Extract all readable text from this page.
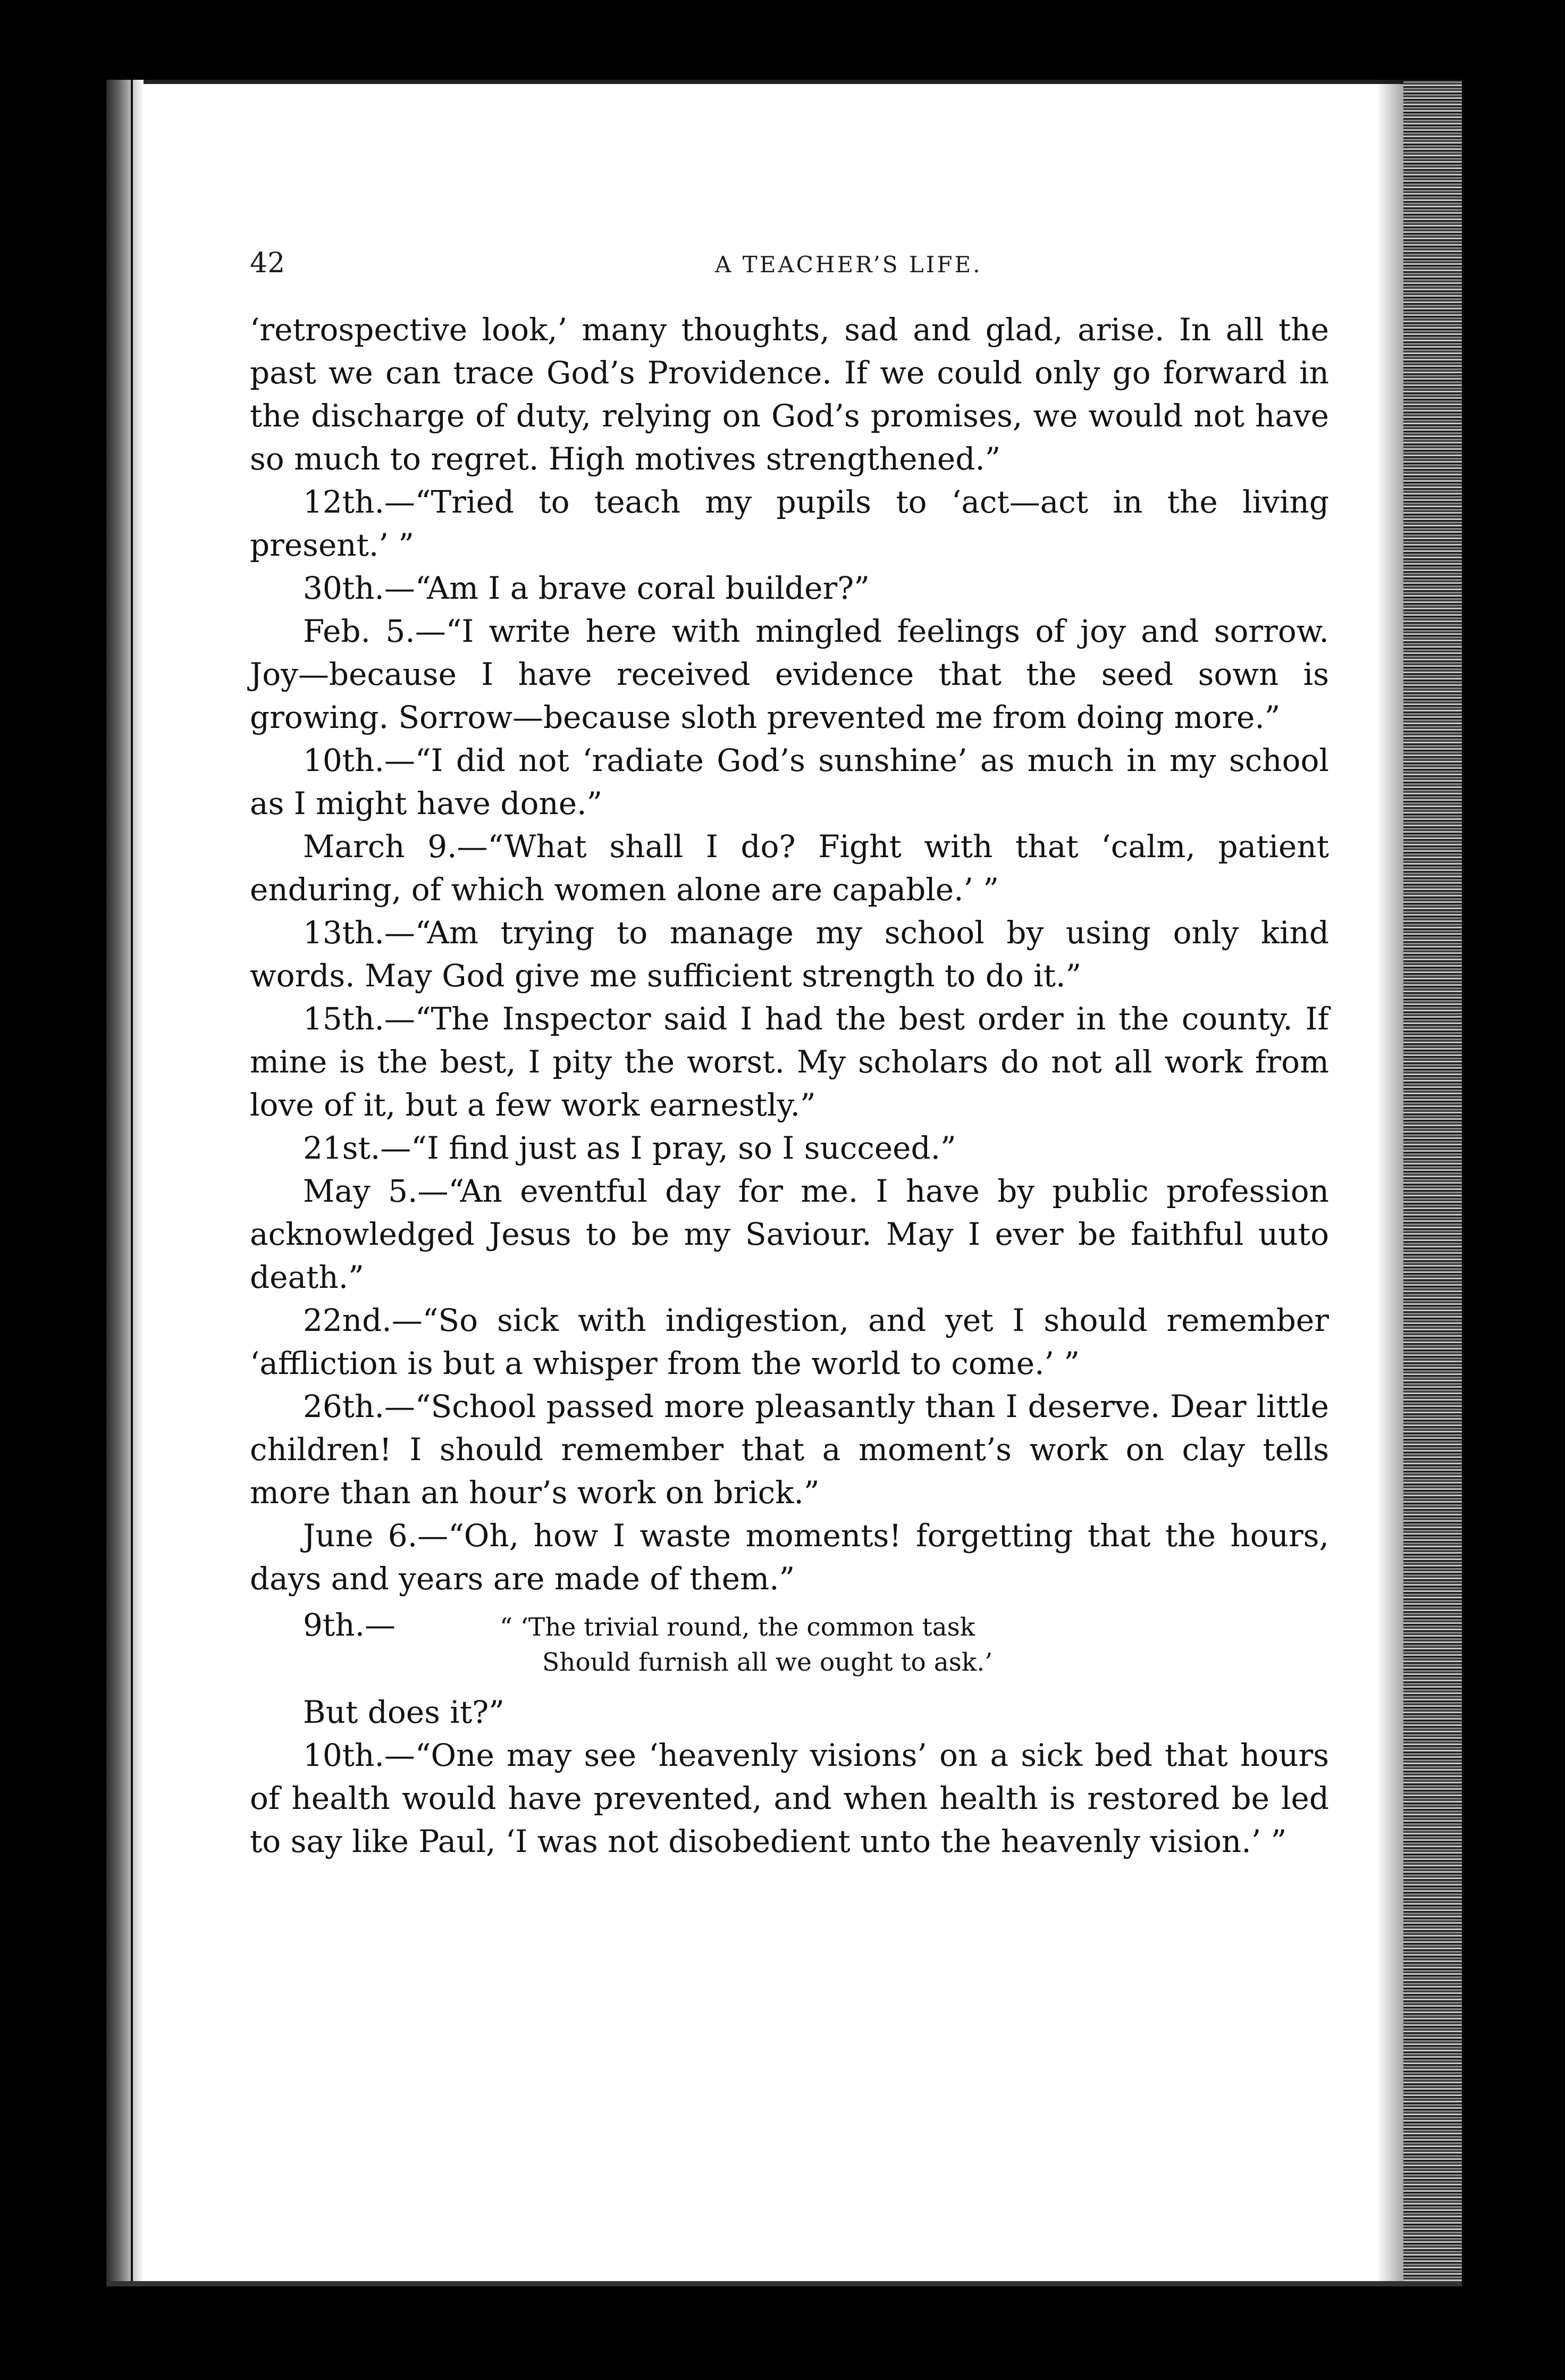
42	A TEACHER’S LIFE.

‘retrospective look,’ many thoughts, sad and glad, arise. In all the past we can trace God’s Providence. If we could only go forward in the discharge of duty, relying on God’s promises, we would not have so much to regret. High motives strengthened.”

12th.—“Tried to teach my pupils to ‘act—act in the living present.’ ”

30th.—“Am I a brave coral builder?”

Feb. 5.—“I write here with mingled feelings of joy and sorrow. Joy—because I have received evidence that the seed sown is growing. Sorrow—because sloth prevented me from doing more.”

10th.—“I did not ‘radiate God’s sunshine’ as much in my school as I might have done.”

March 9.—“What shall I do? Fight with that ‘calm, patient enduring, of which women alone are capable.’ ”

13th.—“Am trying to manage my school by using only kind words. May God give me sufficient strength to do it.”

15th.—“The Inspector said I had the best order in the county. If mine is the best, I pity the worst. My scholars do not all work from love of it, but a few work earnestly.”

21st.—“I find just as I pray, so I succeed.”

May 5.—“An eventful day for me. I have by public profession acknowledged Jesus to be my Saviour. May I ever be faithful uuto death.”

22nd.—“So sick with indigestion, and yet I should remember ‘affliction is but a whisper from the world to come.’ ”

26th.—“School passed more pleasantly than I deserve. Dear little children! I should remember that a moment’s work on clay tells more than an hour’s work on brick.”

June 6.—“Oh, how I waste moments! forgetting that the hours, days and years are made of them.”

9th.—	“ ‘The trivial round, the common task
Should furnish all we ought to ask.’

But does it?”

10th.—“One may see ‘heavenly visions’ on a sick bed that hours of health would have prevented, and when health is restored be led to say like Paul, ‘I was not disobedient unto the heavenly vision.’ ”
